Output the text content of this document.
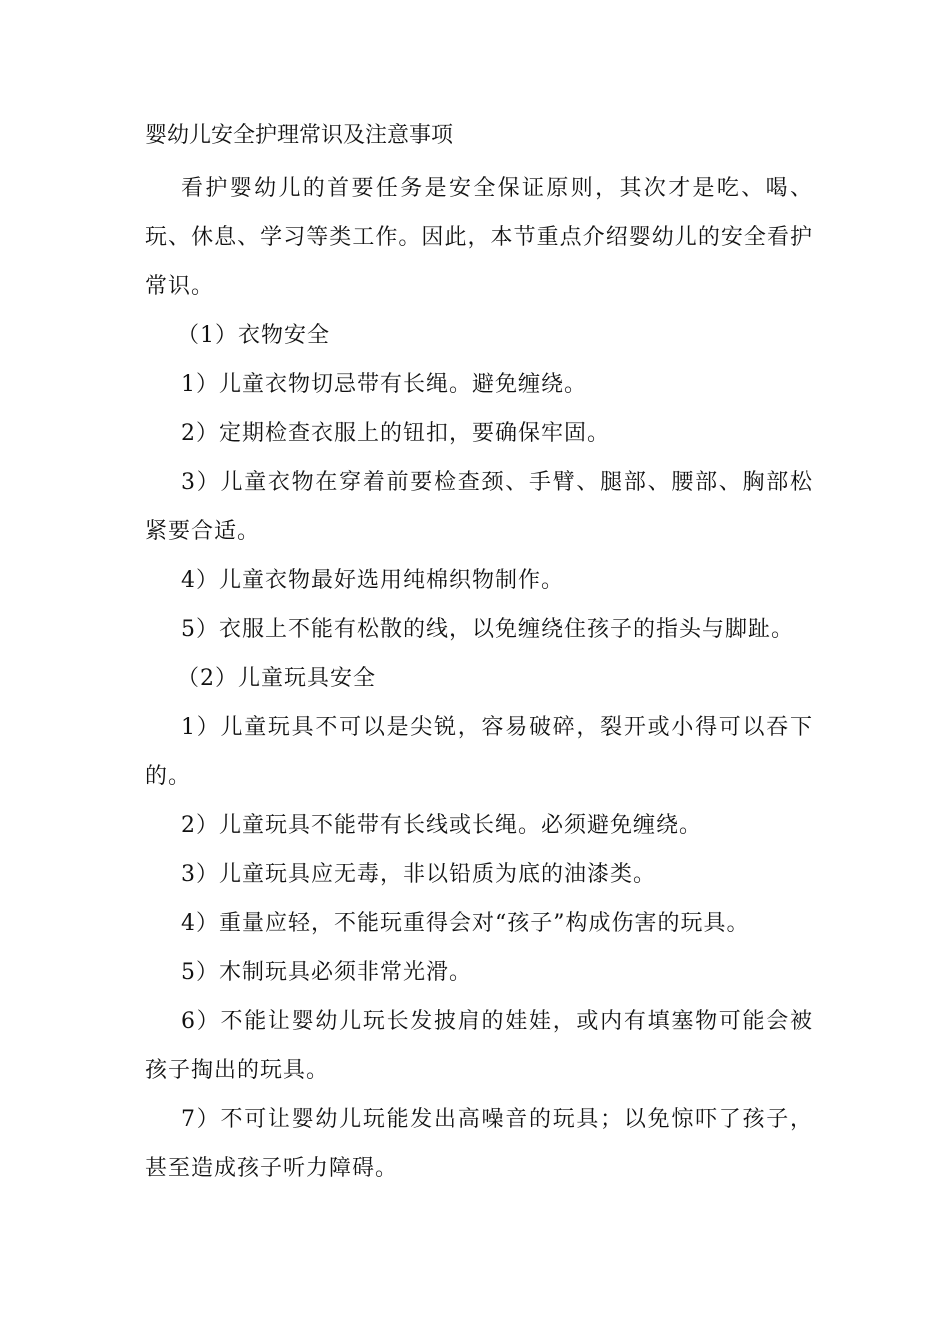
婴幼儿安全护理常识及注意事项

看护婴幼儿的首要任务是安全保证原则，其次才是吃、喝、玩、休息、学习等类工作。因此，本节重点介绍婴幼儿的安全看护常识。

（1）衣物安全

1）儿童衣物切忌带有长绳。避免缠绕。

2）定期检查衣服上的钮扣，要确保牢固。

3）儿童衣物在穿着前要检查颈、手臂、腿部、腰部、胸部松紧要合适。

4）儿童衣物最好选用纯棉织物制作。

5）衣服上不能有松散的线，以免缠绕住孩子的指头与脚趾。

（2）儿童玩具安全

1）儿童玩具不可以是尖锐，容易破碎，裂开或小得可以吞下的。

2）儿童玩具不能带有长线或长绳。必须避免缠绕。

3）儿童玩具应无毒，非以铅质为底的油漆类。

4）重量应轻，不能玩重得会对“孩子”构成伤害的玩具。

5）木制玩具必须非常光滑。

6）不能让婴幼儿玩长发披肩的娃娃，或内有填塞物可能会被孩子掏出的玩具。

7）不可让婴幼儿玩能发出高噪音的玩具；以免惊吓了孩子，甚至造成孩子听力障碍。
